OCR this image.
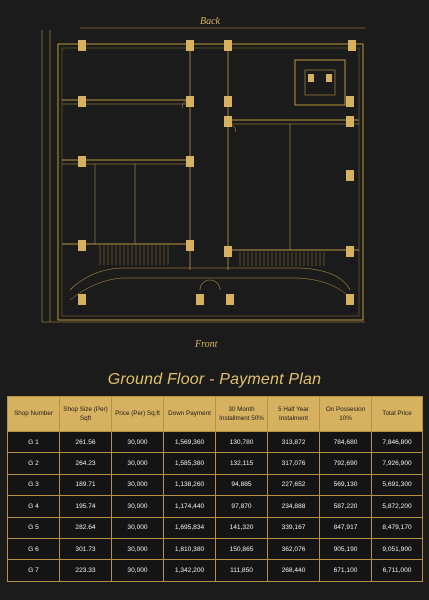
Back
Front
Ground Floor - Payment Plan
Shop Number	Shop Size (Per) Sqft	Price (Per) Sq.ft	Down Payment	30 Month Installment 50%	5 Half Year Instalment	On Possesion 10%	Total Price
G 1	261.56	30,000	1,569,360	130,780	313,872	784,680	7,846,800
G 2	264.23	30,000	1,585,380	132,115	317,076	792,690	7,926,900
G 3	189.71	30,000	1,138,260	94,885	227,652	569,130	5,691,300
G 4	195.74	30,000	1,174,440	97,870	234,888	587,220	5,872,200
G 5	282.64	30,000	1,695,834	141,320	339,167	847,917	8,479,170
G 6	301.73	30,000	1,810,380	150,865	362,076	905,190	9,051,900
G 7	223.33	30,000	1,342,200	111,850	268,440	671,100	6,711,000
